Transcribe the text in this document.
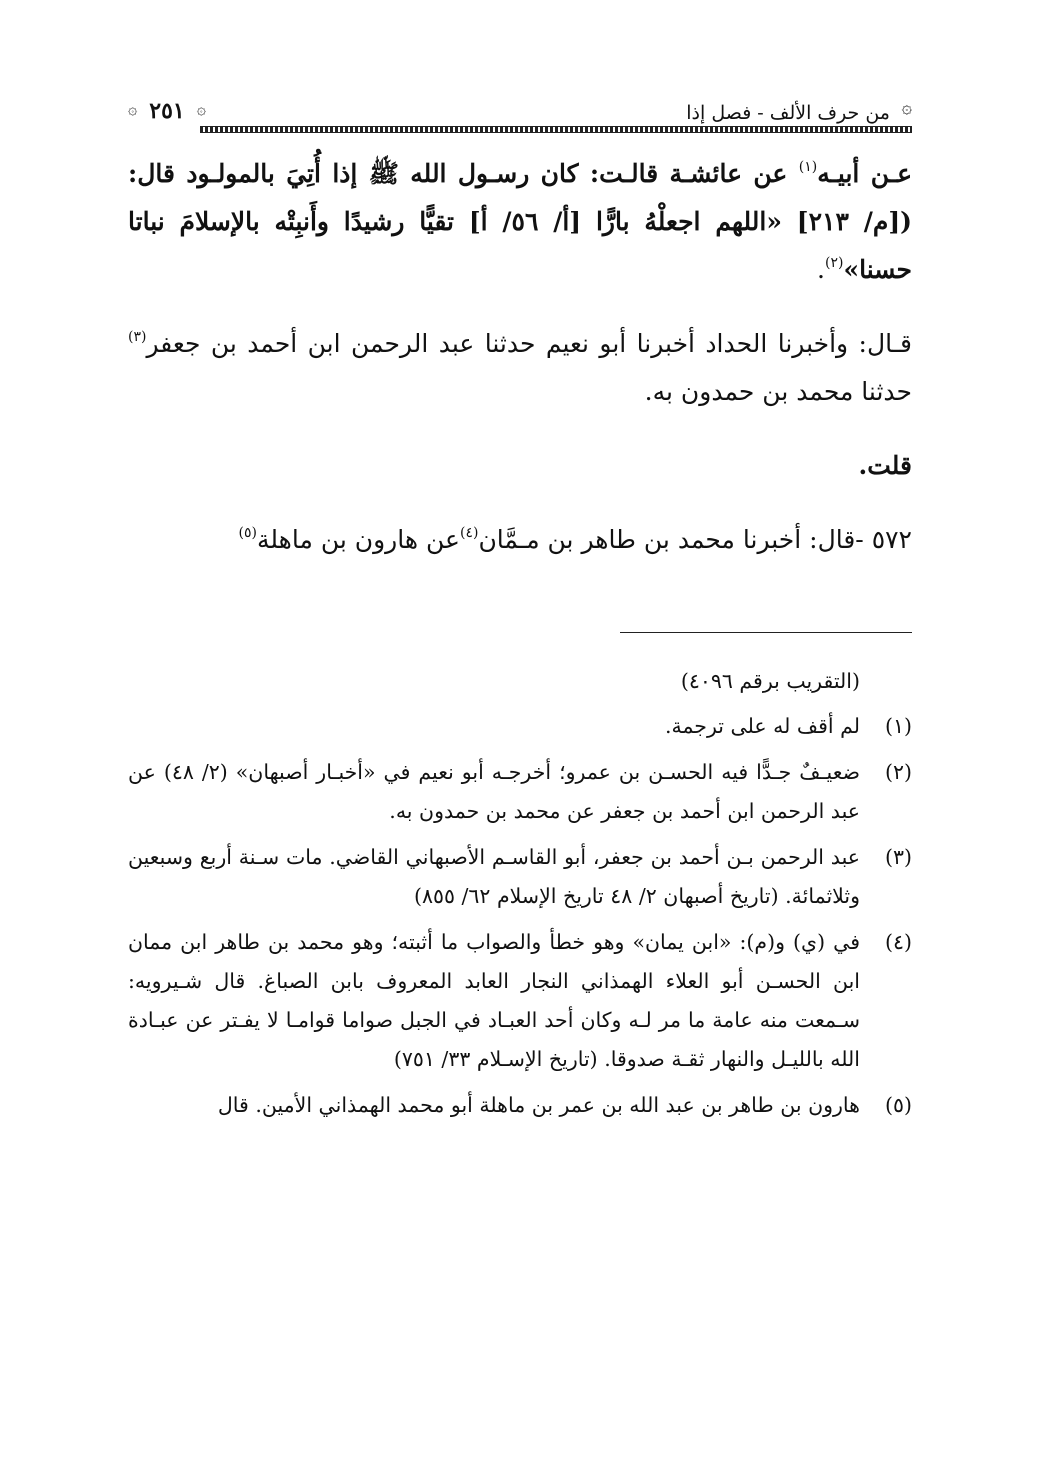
۞
من حرف الألف - فصل إذا
۞
٢٥١
۞

عـن أبيـه$^{(١)}$ عن عائشـة قالـت: كان رسـول الله ﷺ إذا أُتِيَ بالمولـود قال: ([م/ ٢١٣] «اللهم اجعلْهُ بارًّا [أ/ ٥٦/ أ] تقيًّا رشيدًا وأَنبِتْه بالإسلامَ نباتا حسنا»$^{(٢)}$.

قـال: وأخبرنا الحداد أخبرنا أبو نعيم حدثنا عبد الرحمن ابن أحمد بن جعفر$^{(٣)}$ حدثنا محمد بن حمدون به.

قلت.

٥٧٢ -قال: أخبرنا محمد بن طاهر بن مـمَّان$^{(٤)}$عن هارون بن ماهلة$^{(٥)}$

(التقريب برقم ٤٠٩٦)
(١)
لم أقف له على ترجمة.
(٢)
ضعيـفٌ جـدًّا فيه الحسـن بن عمرو؛ أخرجـه أبو نعيم في «أخبـار أصبهان» (٢/ ٤٨) عن عبد الرحمن ابن أحمد بن جعفر عن محمد بن حمدون به.
(٣)
عبد الرحمن بـن أحمد بن جعفر، أبو القاسـم الأصبهاني القاضي. مات سـنة أربع وسبعين وثلاثمائة. (تاريخ أصبهان ٢/ ٤٨ تاريخ الإسلام ٦٢/ ٨٥٥)
(٤)
في (ي) و(م): «ابن يمان» وهو خطأ والصواب ما أثبته؛ وهو محمد بن طاهر ابن ممان ابن الحسـن أبو العلاء الهمذاني النجار العابد المعروف بابن الصباغ. قال شـيرويه: سـمعت منه عامة ما مر لـه وكان أحد العبـاد في الجبل صواما قوامـا لا يفـتر عن عبـادة الله بالليـل والنهار ثقـة صدوقا. (تاريخ الإسـلام ٣٣/ ٧٥١)
(٥)
هارون بن طاهر بن عبد الله بن عمر بن ماهلة أبو محمد الهمذاني الأمين. قال
